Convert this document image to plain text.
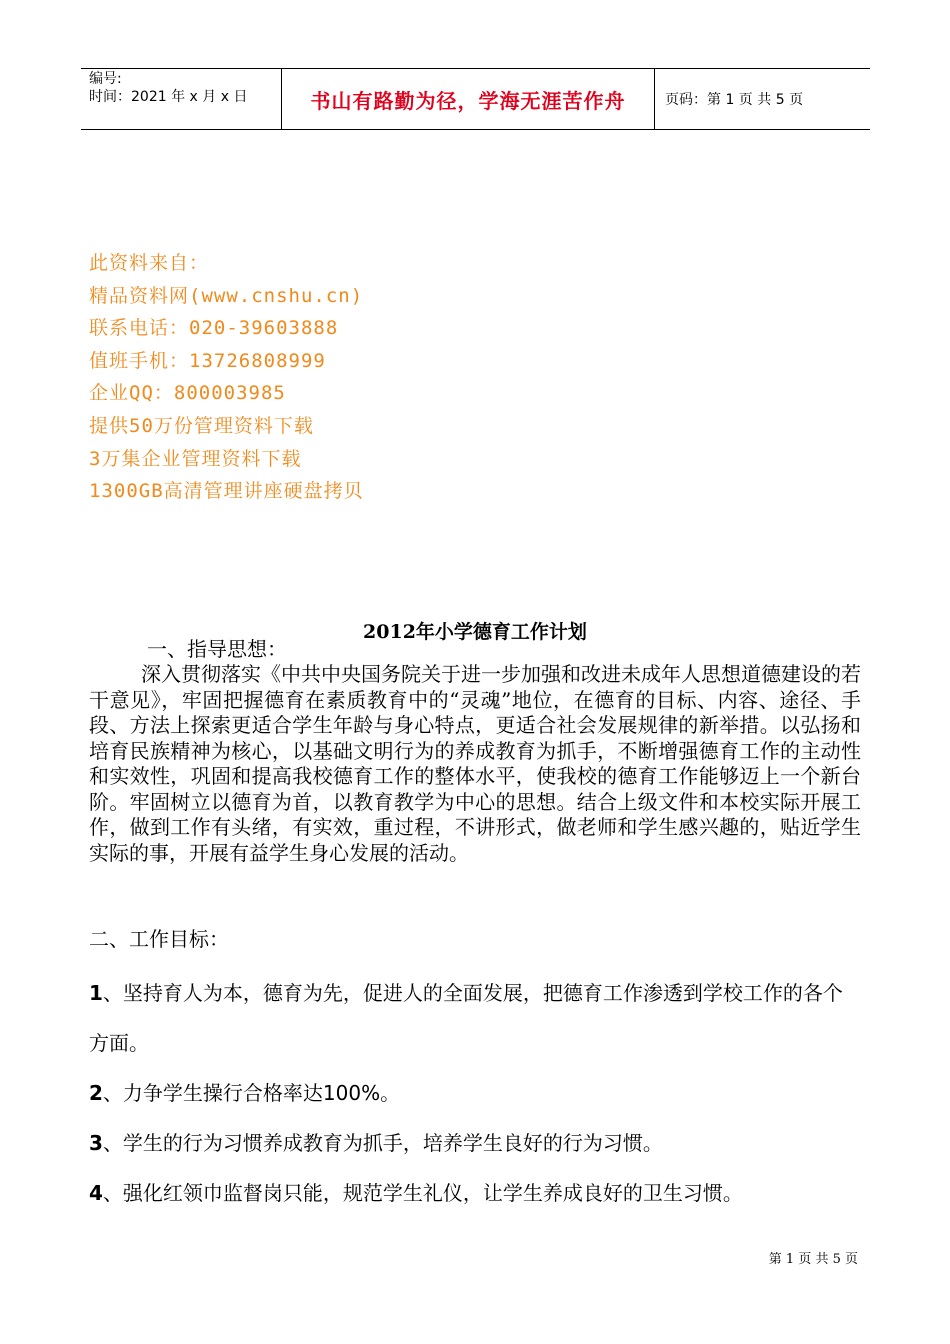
编号:
时间：2021 年 x 月 x 日	书山有路勤为径，学海无涯苦作舟	页码：第 1 页 共 5 页
此资料来自：
精品资料网(www.cnshu.cn)
联系电话：020-39603888
值班手机：13726808999
企业QQ：800003985
提供50万份管理资料下载
3万集企业管理资料下载
1300GB高清管理讲座硬盘拷贝
2012年小学德育工作计划
一、指导思想：
深入贯彻落实《中共中央国务院关于进一步加强和改进未成年人思想道德建设的若干意见》，牢固把握德育在素质教育中的“灵魂”地位，在德育的目标、内容、途径、手段、方法上探索更适合学生年龄与身心特点，更适合社会发展规律的新举措。以弘扬和培育民族精神为核心，以基础文明行为的养成教育为抓手，不断增强德育工作的主动性和实效性，巩固和提高我校德育工作的整体水平，使我校的德育工作能够迈上一个新台阶。牢固树立以德育为首，以教育教学为中心的思想。结合上级文件和本校实际开展工作，做到工作有头绪，有实效，重过程，不讲形式，做老师和学生感兴趣的，贴近学生实际的事，开展有益学生身心发展的活动。
二、工作目标：
1、坚持育人为本，德育为先，促进人的全面发展，把德育工作渗透到学校工作的各个方面。
2、力争学生操行合格率达100%。
3、学生的行为习惯养成教育为抓手，培养学生良好的行为习惯。
4、强化红领巾监督岗只能，规范学生礼仪，让学生养成良好的卫生习惯。
第 1 页 共 5 页
